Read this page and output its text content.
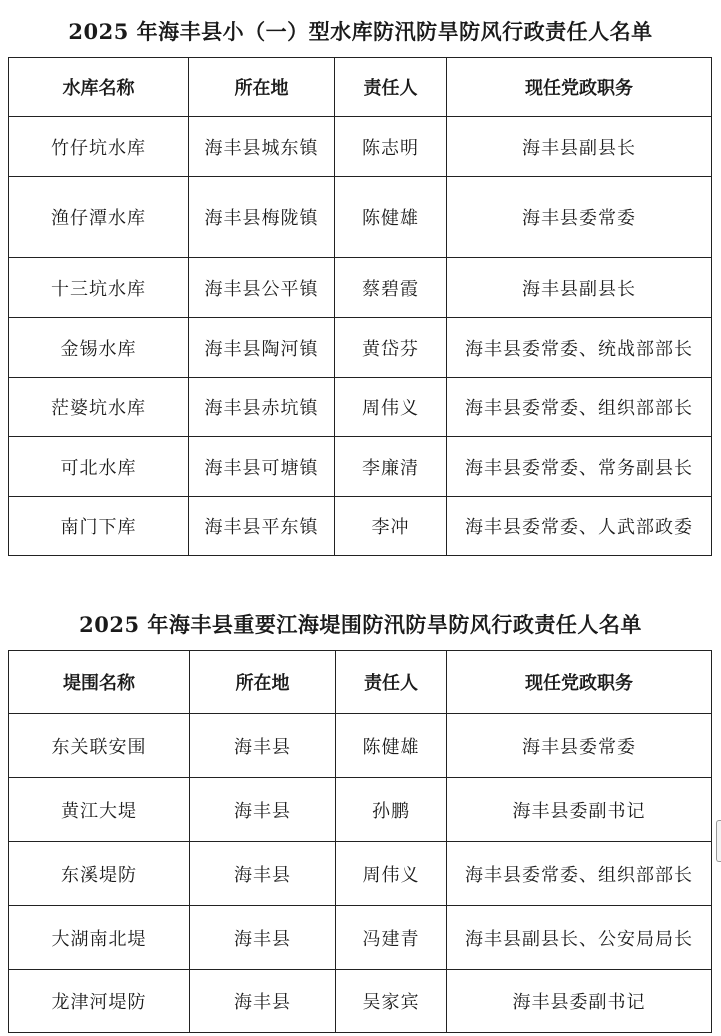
2025 年海丰县小（一）型水库防汛防旱防风行政责任人名单
水库名称	所在地	责任人	现任党政职务
竹仔坑水库	海丰县城东镇	陈志明	海丰县副县长
渔仔潭水库	海丰县梅陇镇	陈健雄	海丰县委常委
十三坑水库	海丰县公平镇	蔡碧霞	海丰县副县长
金锡水库	海丰县陶河镇	黄岱芬	海丰县委常委、统战部部长
茫婆坑水库	海丰县赤坑镇	周伟义	海丰县委常委、组织部部长
可北水库	海丰县可塘镇	李廉清	海丰县委常委、常务副县长
南门下库	海丰县平东镇	李冲	海丰县委常委、人武部政委
2025 年海丰县重要江海堤围防汛防旱防风行政责任人名单
堤围名称	所在地	责任人	现任党政职务
东关联安围	海丰县	陈健雄	海丰县委常委
黄江大堤	海丰县	孙鹏	海丰县委副书记
东溪堤防	海丰县	周伟义	海丰县委常委、组织部部长
大湖南北堤	海丰县	冯建青	海丰县副县长、公安局局长
龙津河堤防	海丰县	吴家宾	海丰县委副书记
